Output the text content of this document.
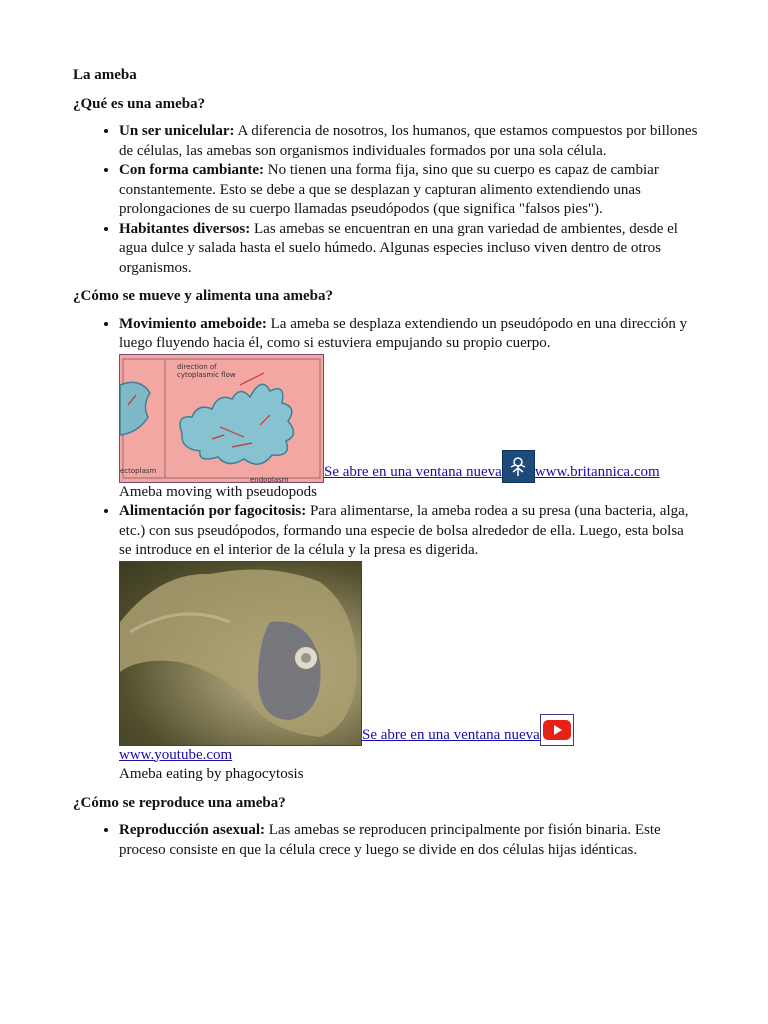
La ameba
¿Qué es una ameba?
• Un ser unicelular: A diferencia de nosotros, los humanos, que estamos compuestos por billones de células, las amebas son organismos individuales formados por una sola célula.
• Con forma cambiante: No tienen una forma fija, sino que su cuerpo es capaz de cambiar constantemente. Esto se debe a que se desplazan y capturan alimento extendiendo unas prolongaciones de su cuerpo llamadas pseudópodos (que significa "falsos pies").
• Habitantes diversos: Las amebas se encuentran en una gran variedad de ambientes, desde el agua dulce y salada hasta el suelo húmedo. Algunas especies incluso viven dentro de otros organismos.
¿Cómo se mueve y alimenta una ameba?
• Movimiento ameboide: La ameba se desplaza extendiendo un pseudópodo en una dirección y luego fluyendo hacia él, como si estuviera empujando su propio cuerpo.
direction of
cytoplasmic flow
ectoplasm
endoplasm Se abre en una ventana nueva www.britannica.com
Ameba moving with pseudopods
• Alimentación por fagocitosis: Para alimentarse, la ameba rodea a su presa (una bacteria, alga, etc.) con sus pseudópodos, formando una especie de bolsa alrededor de ella. Luego, esta bolsa se introduce en el interior de la célula y la presa es digerida.
Se abre en una ventana nueva
www.youtube.com
Ameba eating by phagocytosis
¿Cómo se reproduce una ameba?
• Reproducción asexual: Las amebas se reproducen principalmente por fisión binaria. Este proceso consiste en que la célula crece y luego se divide en dos células hijas idénticas.
